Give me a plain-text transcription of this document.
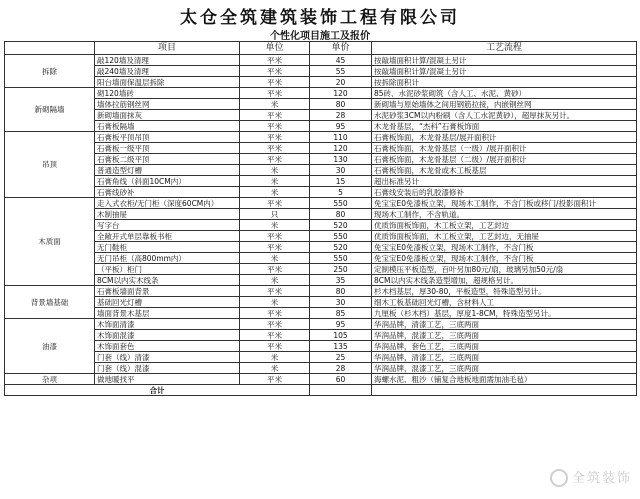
太仓全筑建筑装饰工程有限公司
个性化项目施工及报价
	项目	单位	单价	工艺流程
拆除	敲120墙及清理	平米	45	按敲墙面积计算/混凝土另计
	敲240墙及清理	平米	55	按敲墙面积计算/混凝土另计
	阳台墙面保温层拆除	平米	20	按拆除面积计
新砌隔墙	砌120墙砖	平米	120	85砖、水泥砂浆砌筑（含人工、水泥、黄砂）
	墙体拉筋钢丝网	米	80	新砌墙与原始墙体之间用钢筋拉接，内嵌钢丝网
	新砌墙面抹灰	平米	28	水泥砂浆3CM以内粉刷（含人工水泥黄砂），超厚抹灰另计。
	石膏板隔墙	平米	95	木龙骨基层，“杰科”石膏板饰面
吊顶	石膏板平顶吊顶	平米	110	石膏板饰面，木龙骨基层/展开面积计
	石膏板一级平顶	平米	120	石膏板饰面，木龙骨基层（一级）/展开面积计
	石膏板二级平顶	平米	130	石膏板饰面，木龙骨基层（二级）/展开面积计
	普通造型灯槽	米	30	石膏板饰面，木龙骨或木工板基层
	石膏角线（斜面10CM内）	米	15	超出标准另计
	石膏线砂补	米	5	石膏线安装后的乳胶漆修补
木质面	走入式衣柜/无门柜（深度60CM内）	平米	550	免宝宝E0免漆板立架，现场木工制作，不含门板或移门/投影面积计
	木制抽屉	只	80	现场木工制作，不含轨道。
	写字台	米	520	优质饰面板饰面，木工板立架，工艺封边
	全敞开式单层靠板书柜	平米	550	优质饰面板饰面，木工板立架，工艺封边，无抽屉
	无门鞋柜	平米	520	免宝宝E0免漆板立架，现场木工制作，不含门板
	无门吊柜（高800mm内）	米	550	免宝宝E0免漆板立架，现场木工制作，不含门板
	（平板）柜门	平米	250	定制模压平板造型，百叶另加80元/扇，玻璃另加50元/扇
	8CM以内实木线条	米	35	8CM以内实木线条造型增加，超规格另计。
背景墙基础	石膏板墙面背景	平米	80	杉木档基层，厚30-80，平板造型，特殊造型另计。
	基础回光灯槽	米	30	细木工板基础回光灯槽，含材料人工
	墙面背景木基层	平米	85	九厘板（杉木档）基层，厚度1-8CM，特殊造型另计。
油漆	木饰面清漆	平米	95	华润品牌，清漆工艺，三底两面
	木饰面混漆	平米	105	华润品牌，混漆工艺，三底两面
	木饰面套色	平米	135	华润品牌，套色工艺，三底两面
	门套（线）清漆	米	25	华润品牌，清漆工艺，三底两面
	门套（线）混漆	米	28	华润品牌，混漆工艺，三底两面
杂项	做地暖找平	平米	60	海螺水泥、粗沙（铺复合地板地面需加油毛毡）
合计				
全筑装饰
